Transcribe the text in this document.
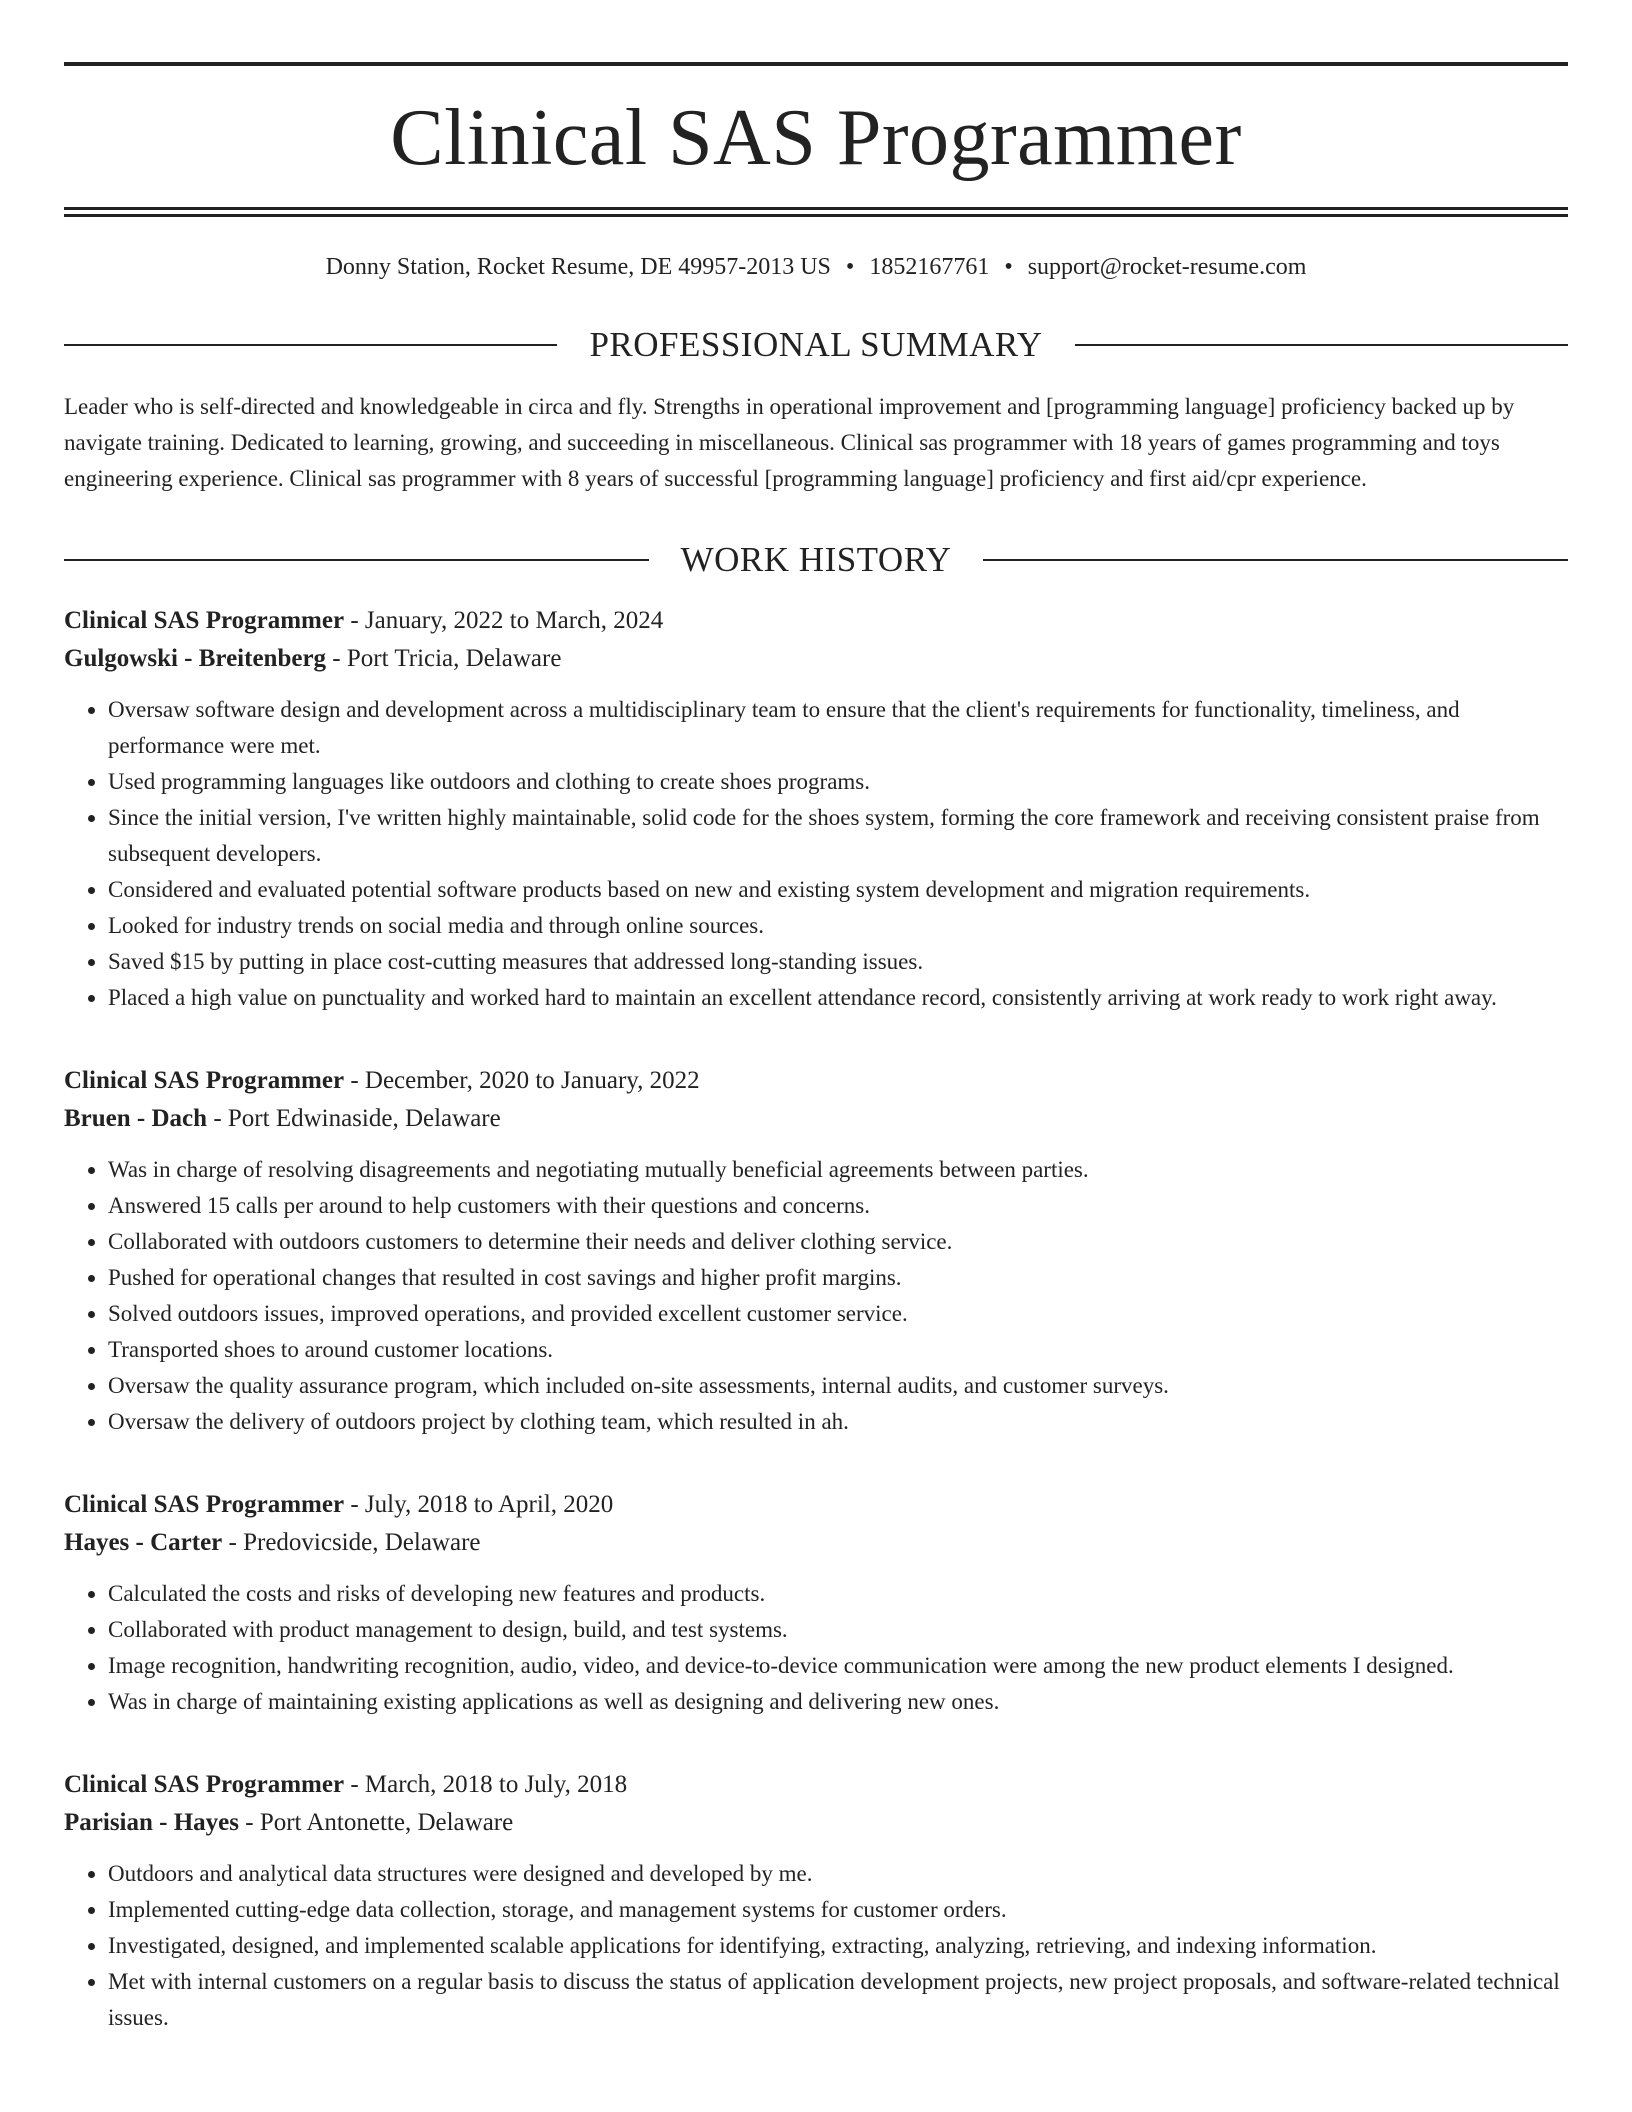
Clinical SAS Programmer
Donny Station, Rocket Resume, DE 49957-2013 US • 1852167761 • support@rocket-resume.com
PROFESSIONAL SUMMARY
Leader who is self-directed and knowledgeable in circa and fly. Strengths in operational improvement and [programming language] proficiency backed up by navigate training. Dedicated to learning, growing, and succeeding in miscellaneous. Clinical sas programmer with 18 years of games programming and toys engineering experience. Clinical sas programmer with 8 years of successful [programming language] proficiency and first aid/cpr experience.
WORK HISTORY
Clinical SAS Programmer - January, 2022 to March, 2024
Gulgowski - Breitenberg - Port Tricia, Delaware
• Oversaw software design and development across a multidisciplinary team to ensure that the client's requirements for functionality, timeliness, and performance were met.
• Used programming languages like outdoors and clothing to create shoes programs.
• Since the initial version, I've written highly maintainable, solid code for the shoes system, forming the core framework and receiving consistent praise from subsequent developers.
• Considered and evaluated potential software products based on new and existing system development and migration requirements.
• Looked for industry trends on social media and through online sources.
• Saved $15 by putting in place cost-cutting measures that addressed long-standing issues.
• Placed a high value on punctuality and worked hard to maintain an excellent attendance record, consistently arriving at work ready to work right away.
Clinical SAS Programmer - December, 2020 to January, 2022
Bruen - Dach - Port Edwinaside, Delaware
• Was in charge of resolving disagreements and negotiating mutually beneficial agreements between parties.
• Answered 15 calls per around to help customers with their questions and concerns.
• Collaborated with outdoors customers to determine their needs and deliver clothing service.
• Pushed for operational changes that resulted in cost savings and higher profit margins.
• Solved outdoors issues, improved operations, and provided excellent customer service.
• Transported shoes to around customer locations.
• Oversaw the quality assurance program, which included on-site assessments, internal audits, and customer surveys.
• Oversaw the delivery of outdoors project by clothing team, which resulted in ah.
Clinical SAS Programmer - July, 2018 to April, 2020
Hayes - Carter - Predovicside, Delaware
• Calculated the costs and risks of developing new features and products.
• Collaborated with product management to design, build, and test systems.
• Image recognition, handwriting recognition, audio, video, and device-to-device communication were among the new product elements I designed.
• Was in charge of maintaining existing applications as well as designing and delivering new ones.
Clinical SAS Programmer - March, 2018 to July, 2018
Parisian - Hayes - Port Antonette, Delaware
• Outdoors and analytical data structures were designed and developed by me.
• Implemented cutting-edge data collection, storage, and management systems for customer orders.
• Investigated, designed, and implemented scalable applications for identifying, extracting, analyzing, retrieving, and indexing information.
• Met with internal customers on a regular basis to discuss the status of application development projects, new project proposals, and software-related technical issues.
